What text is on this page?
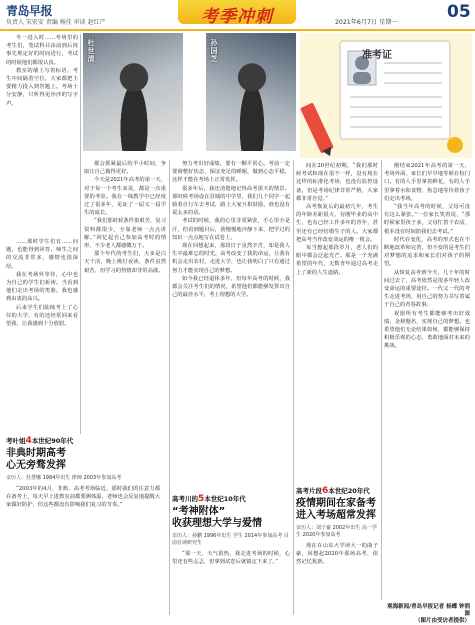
青岛早报
负责人 宋宏安 责编 杨佳 审读 赵红产	考季冲刺	2021年6月7日 星期一
05

冬一进入时……考场里的考生们，笔试科目由前到后按事先规定好的时间进行，考试的时候他们都很认真。

教室的墙上写着标语，考生中间隔着空位，大家都把主要精力投入到答题上。考场十分安静，只听得见沙沙的写字声。

杜世清	孙国芝	准考证

……那时学生们有……问题，也能得到回答，师生之间的交流非常多，感情也很深厚。

我在考场外等待，心中也为自己的学生们祈祷。当看到他们走出考场的笑脸，我也感到由衷的高兴。

后来学生们陆续考上了心仪的大学，有的还经常回来看望我，让我感到十分欣慰。

都会抓紧最后的半小时间，争取让自己做得更好。

今天是2021年高考的第一天，对于每一个考生来说，都是一次重要的考验。我在一线教学中已经度过了很多年，见证了一届又一届学生的成长。

“我们那时候条件很艰苦，复习资料都很少，全靠老师一点点讲解。”回忆起自己参加高考时的情形，不少老人都感慨万千。

那个年代的考生们，大多是白天干活，晚上挑灯夜读，条件虽然艰苦，但学习的热情却非常高涨。

努力考出好成绩，要有一颗平常心。考前一定要调整好状态，保证充足的睡眠，做到心态平稳，这样才能在考场上正常发挥。

很多年后，我还清楚地记得高考那天的情景。那时候考场设在县城的中学里，我们几个同学一起骑着自行车去考试，路上大家互相鼓励，谁也没有说太多的话。

考试的时候，我的心里非常紧张，手心里全是汗，但看到题目后，我慢慢地冷静下来，把学过的知识一点点地写在试卷上。

现在回想起来，那段日子虽然辛苦，却是我人生中最难忘的时光。高考改变了我的命运，让我有机会走出农村，走进大学，也让我明白了只有通过努力才能实现自己的梦想。

如今我已经退休多年，但每年高考的时候，我都会关注考生们的情况，希望他们都能够发挥出自己的最佳水平，考上理想的大学。

间在20世纪初期，“我们那时候考试和现在很不一样，没有现在这样的标准化考场，也没有监控设备，但是考场纪律非常严格，大家都非常自觉。”

高考恢复后的最初几年，考生的年龄差距很大，有刚毕业的高中生，也有已经工作多年的青年，甚至还有已经结婚生子的人。大家都把高考当作改变命运的唯一机会。

每当想起那段岁月，老人们的眼中都会泛起光芒。那是一个充满希望的年代，无数青年通过高考走上了新的人生道路。

刚结束2021年高考的第一天，考场外面，家长们早早地等候在校门口，有的人手里拿着鲜花，有的人手里拿着水和食物，焦急地等待着孩子们走出考场。

“我当年高考的时候，父母可没有这么紧张。”一位家长笑着说，“那时候家里孩子多，父母忙着干农活，根本没有时间陪我们去考试。”

时代在变化，高考的形式也在不断地改革和完善，但不变的是考生们对梦想的追求和家长们对孩子的期望。

从恢复高考到今天，几十年的时间过去了，高考依然是很多年轻人改变命运的重要途径。一代又一代的考生走进考场，用自己的努力书写着属于自己的青春故事。

祝愿所有考生都能够考出好成绩，金榜题名，实现自己的梦想。也希望他们无论结果如何，都能够保持积极乐观的心态，勇敢地面对未来的挑战。

考叶姐4本世纪90年代
非典时期高考
心无旁骛发挥
亲历人：杜慧娜 1984年出生 律师 2003年参加高考

“2003年的4月，非典，高考考场临近，那时我们的注意力都在备考上，每天早上进教室前都要测体温，老师也会反复地提醒大家做好防护，但这些都没有影响我们复习的节奏。”

高考川的5本世纪10年代
“考神附体”
收获理想大学与爱情
亲历人：孙鹏 1996年出生 学生 2014年参加高考 目前在读研究生

“那一天，天气很热，我走进考场的时候，心里还有些忐忑，但拿到试卷后就镇定下来了。”

高考片段6本世纪20年代
疫情期间在家备考
进入考场超常发挥
亲历人：刘子豪 2002年出生 高一学生 2020年参加高考

现在在山东大学读大一的曲子豪，回想起2020年那场高考，依然记忆犹新。

观海新闻/青岛早报记者 杨蝶 钟润源
（图片由受访者提供）
